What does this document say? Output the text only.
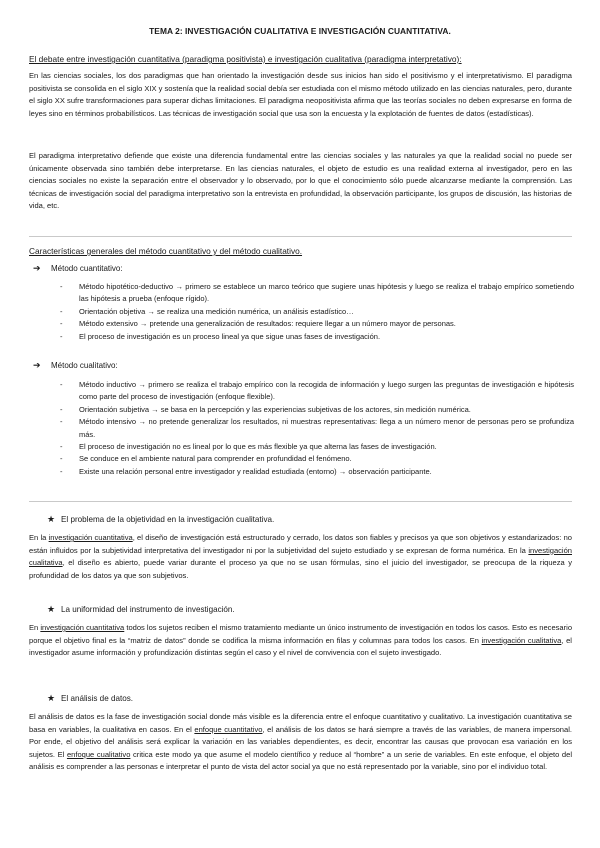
TEMA 2: INVESTIGACIÓN CUALITATIVA E INVESTIGACIÓN CUANTITATIVA.
El debate entre investigación cuantitativa (paradigma positivista) e investigación cualitativa (paradigma interpretativo):
En las ciencias sociales, los dos paradigmas que han orientado la investigación desde sus inicios han sido el positivismo y el interpretativismo. El paradigma positivista se consolida en el siglo XIX y sostenía que la realidad social debía ser estudiada con el mismo método utilizado en las ciencias naturales, pero, durante el siglo XX sufre transformaciones para superar dichas limitaciones. El paradigma neopositivista afirma que las teorías sociales no deben expresarse en forma de leyes sino en términos probabilísticos. Las técnicas de investigación social que usa son la encuesta y la explotación de fuentes de datos (estadísticas).
El paradigma interpretativo defiende que existe una diferencia fundamental entre las ciencias sociales y las naturales ya que la realidad social no puede ser únicamente observada sino también debe interpretarse. En las ciencias naturales, el objeto de estudio es una realidad externa al investigador, pero en las ciencias sociales no existe la separación entre el observador y lo observado, por lo que el conocimiento sólo puede alcanzarse mediante la comprensión. Las técnicas de investigación social del paradigma interpretativo son la entrevista en profundidad, la observación participante, los grupos de discusión, las historias de vida, etc.
Características generales del método cuantitativo y del método cualitativo.
➔ Método cuantitativo:
- Método hipotético-deductivo → primero se establece un marco teórico que sugiere unas hipótesis y luego se realiza el trabajo empírico sometiendo las hipótesis a prueba (enfoque rígido).
- Orientación objetiva → se realiza una medición numérica, un análisis estadístico…
- Método extensivo → pretende una generalización de resultados: requiere llegar a un número mayor de personas.
- El proceso de investigación es un proceso lineal ya que sigue unas fases de investigación.
➔ Método cualitativo:
- Método inductivo → primero se realiza el trabajo empírico con la recogida de información y luego surgen las preguntas de investigación e hipótesis como parte del proceso de investigación (enfoque flexible).
- Orientación subjetiva → se basa en la percepción y las experiencias subjetivas de los actores, sin medición numérica.
- Método intensivo → no pretende generalizar los resultados, ni muestras representativas: llega a un número menor de personas pero se profundiza más.
- El proceso de investigación no es lineal por lo que es más flexible ya que alterna las fases de investigación.
- Se conduce en el ambiente natural para comprender en profundidad el fenómeno.
- Existe una relación personal entre investigador y realidad estudiada (entorno) → observación participante.
★ El problema de la objetividad en la investigación cualitativa.
En la investigación cuantitativa, el diseño de investigación está estructurado y cerrado, los datos son fiables y precisos ya que son objetivos y estandarizados: no están influidos por la subjetividad interpretativa del investigador ni por la subjetividad del sujeto estudiado y se expresan de forma numérica. En la investigación cualitativa, el diseño es abierto, puede variar durante el proceso ya que no se usan fórmulas, sino el juicio del investigador, se preocupa de la riqueza y profundidad de los datos ya que son subjetivos.
★ La uniformidad del instrumento de investigación.
En investigación cuantitativa todos los sujetos reciben el mismo tratamiento mediante un único instrumento de investigación en todos los casos. Esto es necesario porque el objetivo final es la “matriz de datos” donde se codifica la misma información en filas y columnas para todos los casos. En investigación cualitativa, el investigador asume información y profundización distintas según el caso y el nivel de convivencia con el sujeto investigado.
★ El análisis de datos.
El análisis de datos es la fase de investigación social donde más visible es la diferencia entre el enfoque cuantitativo y cualitativo. La investigación cuantitativa se basa en variables, la cualitativa en casos. En el enfoque cuantitativo, el análisis de los datos se hará siempre a través de las variables, de manera impersonal. Por ende, el objetivo del análisis será explicar la variación en las variables dependientes, es decir, encontrar las causas que provocan esa variación en los sujetos. El enfoque cualitativo critica este modo ya que asume el modelo científico y reduce al “hombre” a un serie de variables. En este enfoque, el objeto del análisis es comprender a las personas e interpretar el punto de vista del actor social ya que no está representado por la variable, sino por el individuo total.
